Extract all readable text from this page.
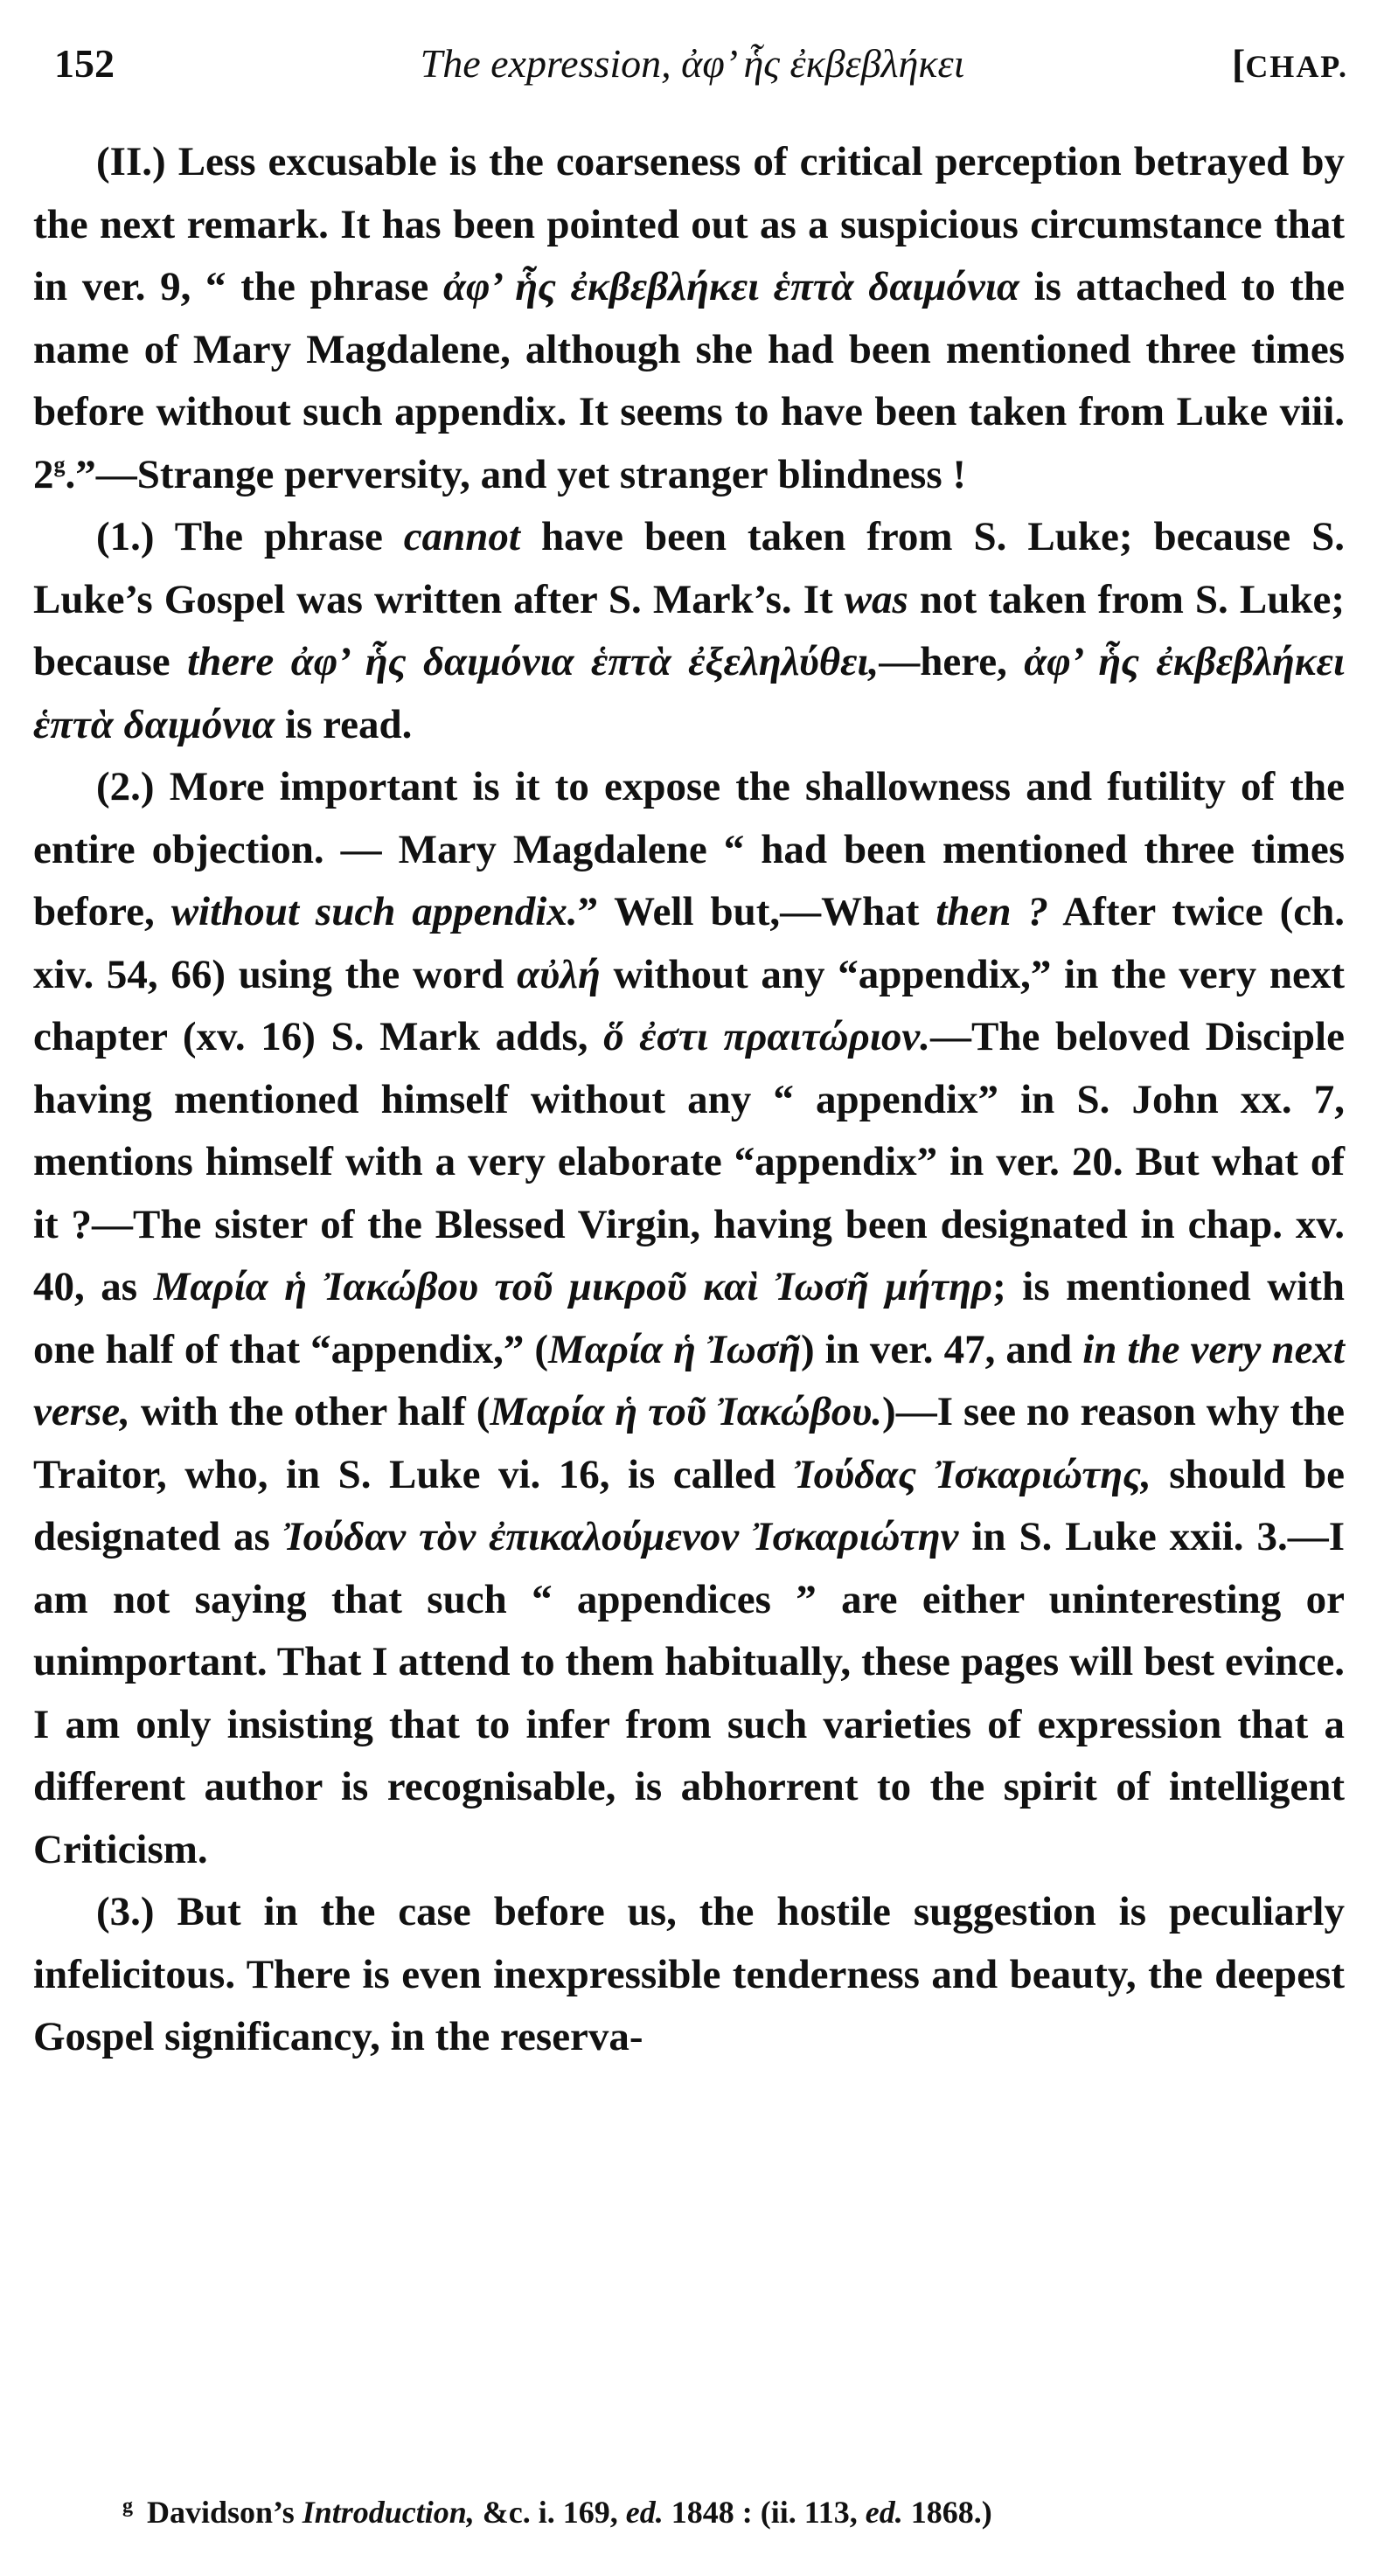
152	The expression, ἀφ’ ἧς ἐκβεβλήκει	[CHAP.

(II.) Less excusable is the coarseness of critical perception betrayed by the next remark. It has been pointed out as a suspicious circumstance that in ver. 9, “ the phrase ἀφ’ ἧς ἐκβεβλήκει ἑπτὰ δαιμόνια is attached to the name of Mary Magdalene, although she had been mentioned three times before without such appendix. It seems to have been taken from Luke viii. 2$^g$.”—Strange perversity, and yet stranger blindness !

(1.) The phrase cannot have been taken from S. Luke; because S. Luke’s Gospel was written after S. Mark’s. It was not taken from S. Luke; because there ἀφ’ ἧς δαιμόνια ἑπτὰ ἐξεληλύθει,—here, ἀφ’ ἧς ἐκβεβλήκει ἑπτὰ δαιμόνια is read.

(2.) More important is it to expose the shallowness and futility of the entire objection. — Mary Magdalene “ had been mentioned three times before, without such appendix.” Well but,—What then ? After twice (ch. xiv. 54, 66) using the word αὐλή without any “appendix,” in the very next chapter (xv. 16) S. Mark adds, ὅ ἐστι πραιτώριον.—The beloved Disciple having mentioned himself without any “ appendix” in S. John xx. 7, mentions himself with a very elaborate “appendix” in ver. 20. But what of it ?—The sister of the Blessed Virgin, having been designated in chap. xv. 40, as Μαρία ἡ Ἰακώβου τοῦ μικροῦ καὶ Ἰωσῆ μήτηρ; is mentioned with one half of that “appendix,” (Μαρία ἡ Ἰωσῆ) in ver. 47, and in the very next verse, with the other half (Μαρία ἡ τοῦ Ἰακώβου.)—I see no reason why the Traitor, who, in S. Luke vi. 16, is called Ἰούδας Ἰσκαριώτης, should be designated as Ἰούδαν τὸν ἐπικαλούμενον Ἰσκαριώτην in S. Luke xxii. 3.—I am not saying that such “ appendices ” are either uninteresting or unimportant. That I attend to them habitually, these pages will best evince. I am only insisting that to infer from such varieties of expression that a different author is recognisable, is abhorrent to the spirit of intelligent Criticism.

(3.) But in the case before us, the hostile suggestion is peculiarly infelicitous. There is even inexpressible tenderness and beauty, the deepest Gospel significancy, in the reserva-

$^g$ Davidson’s Introduction, &c. i. 169, ed. 1848 : (ii. 113, ed. 1868.)
